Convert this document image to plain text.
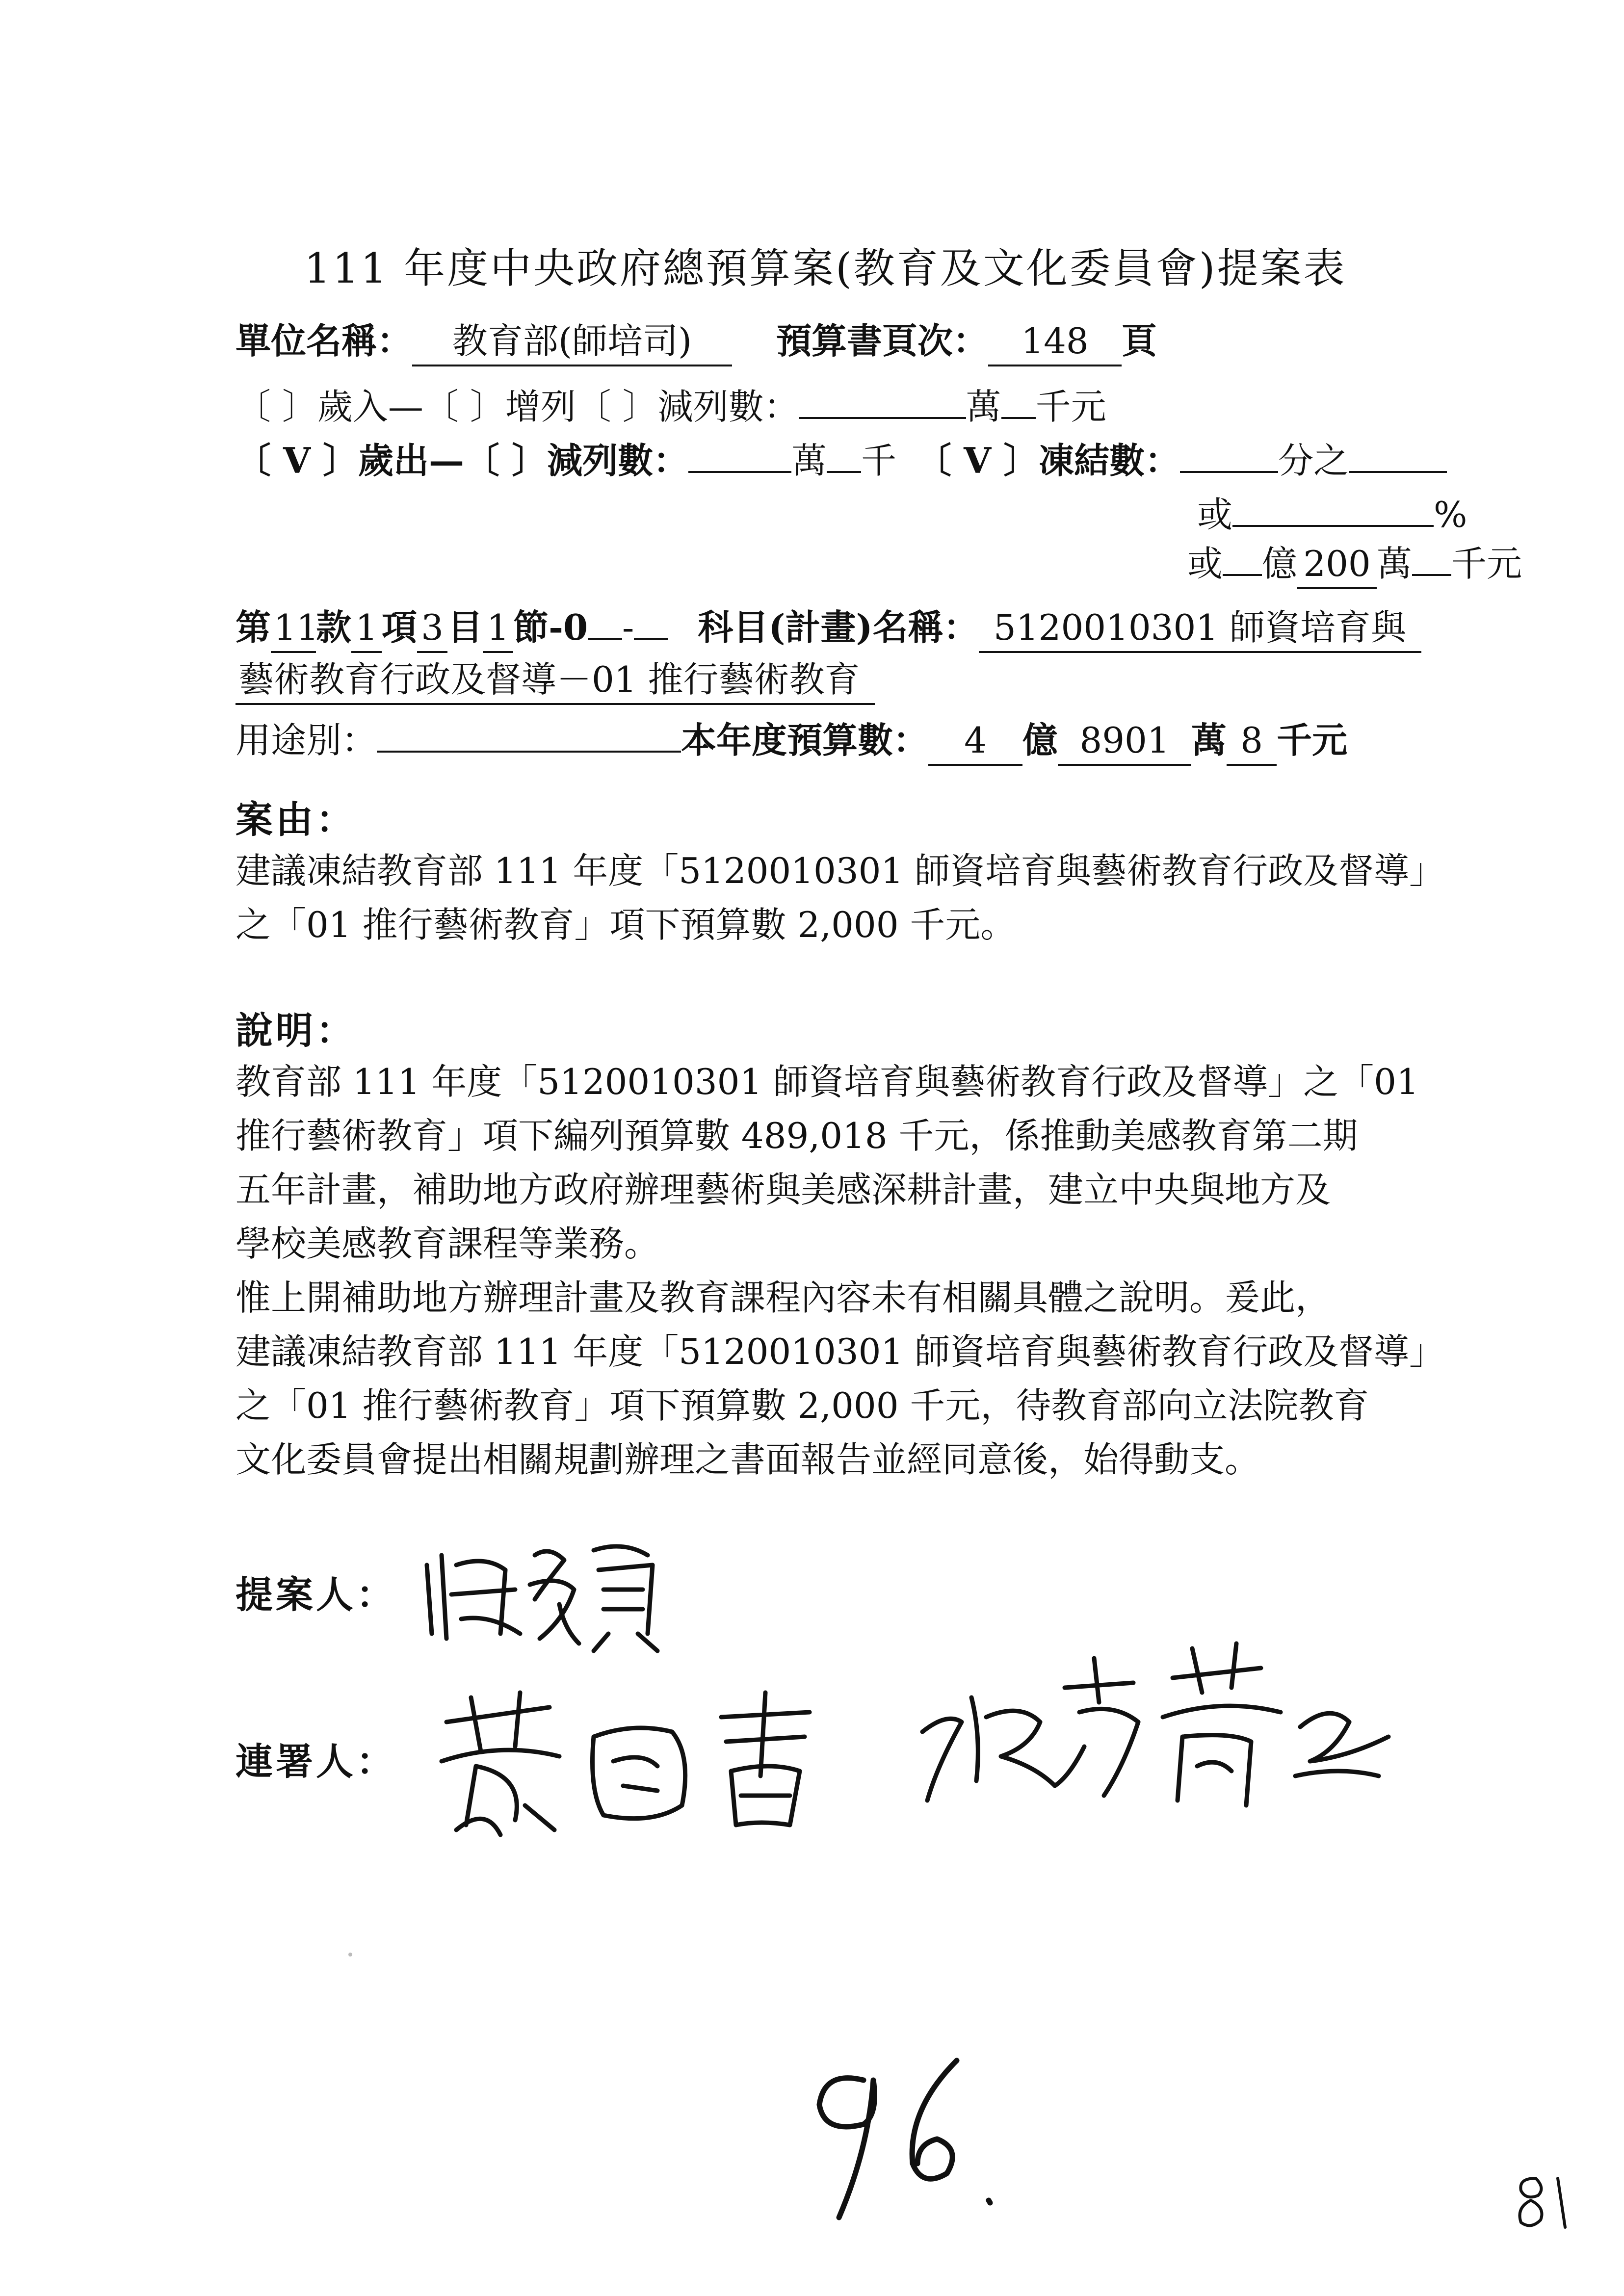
111 年度中央政府總預算案(教育及文化委員會)提案表
單位名稱： 教育部(師培司) 預算書頁次： 148 頁
〔 〕歲入—〔 〕增列〔 〕減列數：	萬 千元
〔 V 〕歲出—〔 〕減列數：	萬 千 〔 V 〕凍結數：	分之
或	%
或 億 200 萬 千元
第11款 1 項 3 目 1 節-0 - 科目(計畫)名稱： 5120010301 師資培育與
藝術教育行政及督導－01 推行藝術教育
用途別：	本年度預算數： 4 億 8901 萬 8 千元
案由：

建議凍結教育部 111 年度「5120010301 師資培育與藝術教育行政及督導」

之「01 推行藝術教育」項下預算數 2,000 千元。

說明：

教育部 111 年度「5120010301 師資培育與藝術教育行政及督導」之「01

推行藝術教育」項下編列預算數 489,018 千元，係推動美感教育第二期

五年計畫，補助地方政府辦理藝術與美感深耕計畫，建立中央與地方及

學校美感教育課程等業務。

惟上開補助地方辦理計畫及教育課程內容未有相關具體之說明。爰此，

建議凍結教育部 111 年度「5120010301 師資培育與藝術教育行政及督導」

之「01 推行藝術教育」項下預算數 2,000 千元，待教育部向立法院教育

文化委員會提出相關規劃辦理之書面報告並經同意後，始得動支。

提案人：
連署人：
